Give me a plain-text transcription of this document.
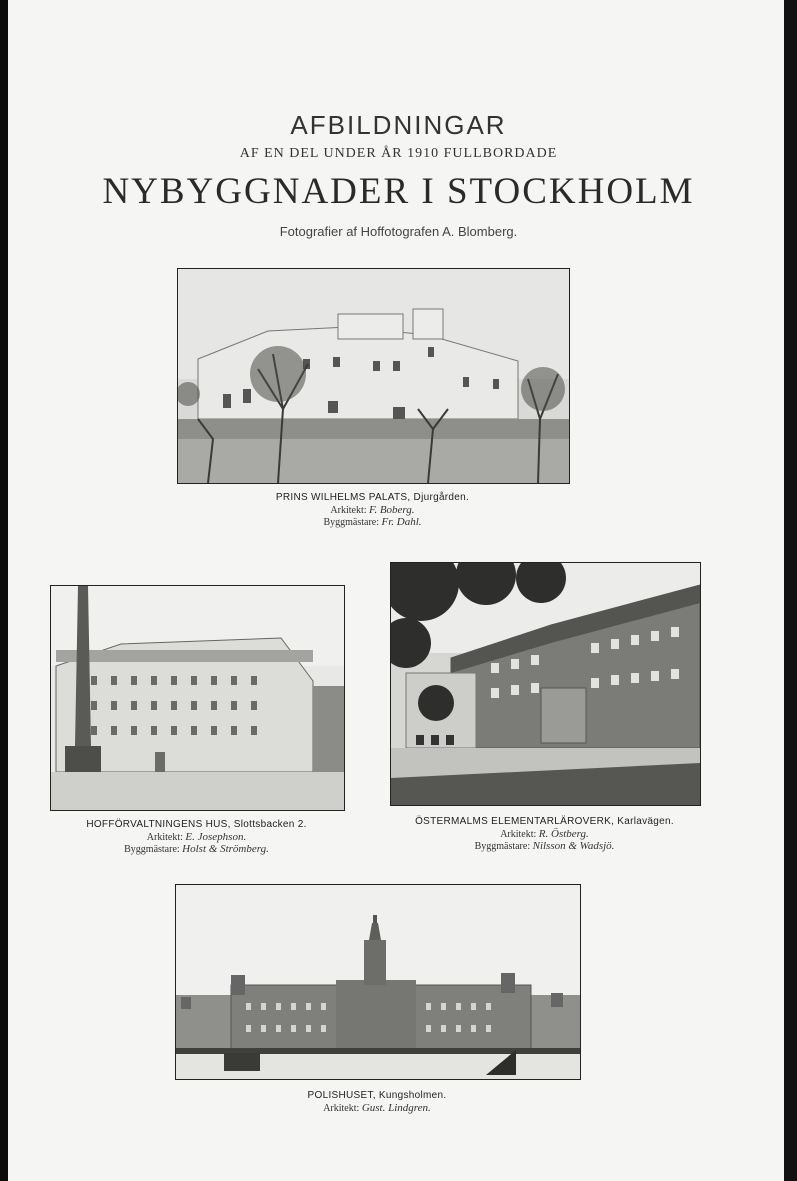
AFBILDNINGAR
AF EN DEL UNDER ÅR 1910 FULLBORDADE
NYBYGGNADER I STOCKHOLM
Fotografier af Hoffotografen A. Blomberg.
PRINS WILHELMS PALATS, Djurgården.
Arkitekt: F. Boberg.
Byggmästare: Fr. Dahl.
HOFFÖRVALTNINGENS HUS, Slottsbacken 2.
Arkitekt: E. Josephson.
Byggmästare: Holst & Strömberg.
ÖSTERMALMS ELEMENTARLÄROVERK, Karlavägen.
Arkitekt: R. Östberg.
Byggmästare: Nilsson & Wadsjö.
POLISHUSET, Kungsholmen.
Arkitekt: Gust. Lindgren.
